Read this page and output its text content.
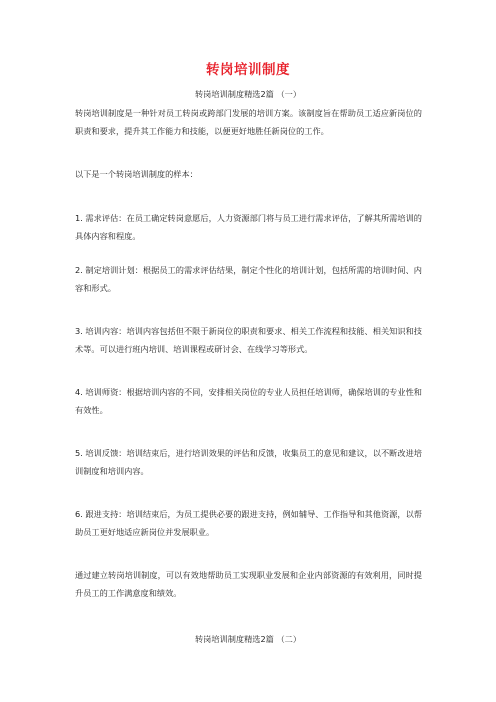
转岗培训制度
转岗培训制度精选2篇 （一）

转岗培训制度是一种针对员工转岗或跨部门发展的培训方案。该制度旨在帮助员工适应新岗位的职责和要求，提升其工作能力和技能，以便更好地胜任新岗位的工作。

以下是一个转岗培训制度的样本：

1. 需求评估：在员工确定转岗意愿后，人力资源部门将与员工进行需求评估，了解其所需培训的具体内容和程度。

2. 制定培训计划：根据员工的需求评估结果，制定个性化的培训计划，包括所需的培训时间、内容和形式。

3. 培训内容：培训内容包括但不限于新岗位的职责和要求、相关工作流程和技能、相关知识和技术等。可以进行班内培训、培训课程或研讨会、在线学习等形式。

4. 培训师资：根据培训内容的不同，安排相关岗位的专业人员担任培训师，确保培训的专业性和有效性。

5. 培训反馈：培训结束后，进行培训效果的评估和反馈，收集员工的意见和建议，以不断改进培训制度和培训内容。

6. 跟进支持：培训结束后，为员工提供必要的跟进支持，例如辅导、工作指导和其他资源，以帮助员工更好地适应新岗位并发展职业。

通过建立转岗培训制度，可以有效地帮助员工实现职业发展和企业内部资源的有效利用，同时提升员工的工作满意度和绩效。

转岗培训制度精选2篇 （二）
